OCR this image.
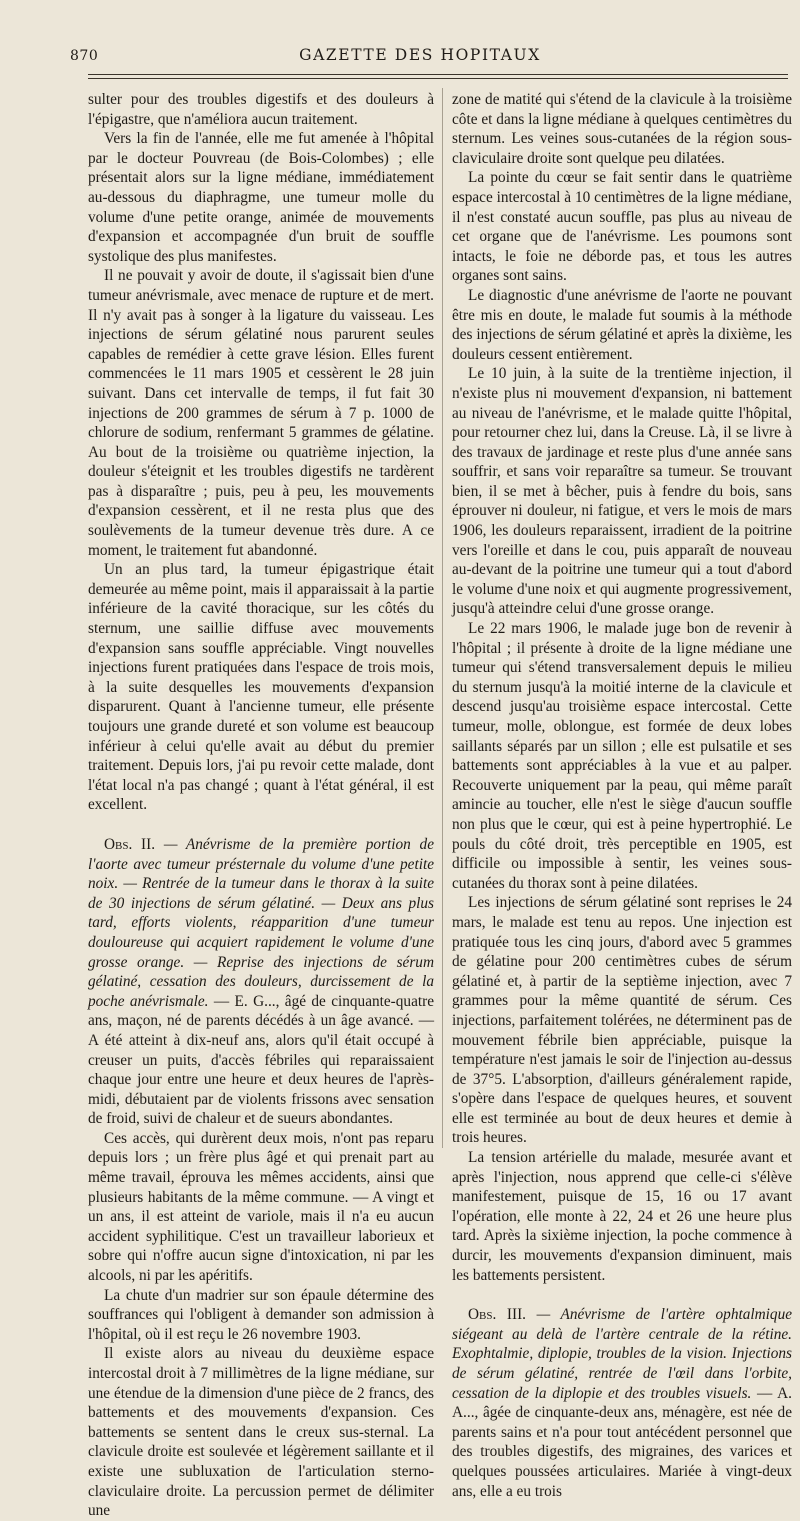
870	GAZETTE DES HOPITAUX

sulter pour des troubles digestifs et des douleurs à l'épigastre, que n'améliora aucun traitement.

Vers la fin de l'année, elle me fut amenée à l'hôpital par le docteur Pouvreau (de Bois-Colombes) ; elle présentait alors sur la ligne médiane, immédiatement au-dessous du diaphragme, une tumeur molle du volume d'une petite orange, animée de mouvements d'expansion et accompagnée d'un bruit de souffle systolique des plus manifestes.

Il ne pouvait y avoir de doute, il s'agissait bien d'une tumeur anévrismale, avec menace de rupture et de mert. Il n'y avait pas à songer à la ligature du vaisseau. Les injections de sérum gélatiné nous parurent seules capables de remédier à cette grave lésion. Elles furent commencées le 11 mars 1905 et cessèrent le 28 juin suivant. Dans cet intervalle de temps, il fut fait 30 injections de 200 grammes de sérum à 7 p. 1000 de chlorure de sodium, renfermant 5 grammes de gélatine. Au bout de la troisième ou quatrième injection, la douleur s'éteignit et les troubles digestifs ne tardèrent pas à disparaître ; puis, peu à peu, les mouvements d'expansion cessèrent, et il ne resta plus que des soulèvements de la tumeur devenue très dure. A ce moment, le traitement fut abandonné.

Un an plus tard, la tumeur épigastrique était demeurée au même point, mais il apparaissait à la partie inférieure de la cavité thoracique, sur les côtés du sternum, une saillie diffuse avec mouvements d'expansion sans souffle appréciable. Vingt nouvelles injections furent pratiquées dans l'espace de trois mois, à la suite desquelles les mouvements d'expansion disparurent. Quant à l'ancienne tumeur, elle présente toujours une grande dureté et son volume est beaucoup inférieur à celui qu'elle avait au début du premier traitement. Depuis lors, j'ai pu revoir cette malade, dont l'état local n'a pas changé ; quant à l'état général, il est excellent.

Obs. II. — Anévrisme de la première portion de l'aorte avec tumeur présternale du volume d'une petite noix. — Rentrée de la tumeur dans le thorax à la suite de 30 injections de sérum gélatiné. — Deux ans plus tard, efforts violents, réapparition d'une tumeur douloureuse qui acquiert rapidement le volume d'une grosse orange. — Reprise des injections de sérum gélatiné, cessation des douleurs, durcissement de la poche anévrismale. — E. G..., âgé de cinquante-quatre ans, maçon, né de parents décédés à un âge avancé. — A été atteint à dix-neuf ans, alors qu'il était occupé à creuser un puits, d'accès fébriles qui reparaissaient chaque jour entre une heure et deux heures de l'après-midi, débutaient par de violents frissons avec sensation de froid, suivi de chaleur et de sueurs abondantes.

Ces accès, qui durèrent deux mois, n'ont pas reparu depuis lors ; un frère plus âgé et qui prenait part au même travail, éprouva les mêmes accidents, ainsi que plusieurs habitants de la même commune. — A vingt et un ans, il est atteint de variole, mais il n'a eu aucun accident syphilitique. C'est un travailleur laborieux et sobre qui n'offre aucun signe d'intoxication, ni par les alcools, ni par les apéritifs.

La chute d'un madrier sur son épaule détermine des souffrances qui l'obligent à demander son admission à l'hôpital, où il est reçu le 26 novembre 1903.

Il existe alors au niveau du deuxième espace intercostal droit à 7 millimètres de la ligne médiane, sur une étendue de la dimension d'une pièce de 2 francs, des battements et des mouvements d'expansion. Ces battements se sentent dans le creux sus-sternal. La clavicule droite est soulevée et légèrement saillante et il existe une subluxation de l'articulation sterno-claviculaire droite. La percussion permet de délimiter une

zone de matité qui s'étend de la clavicule à la troisième côte et dans la ligne médiane à quelques centimètres du sternum. Les veines sous-cutanées de la région sous-claviculaire droite sont quelque peu dilatées.

La pointe du cœur se fait sentir dans le quatrième espace intercostal à 10 centimètres de la ligne médiane, il n'est constaté aucun souffle, pas plus au niveau de cet organe que de l'anévrisme. Les poumons sont intacts, le foie ne déborde pas, et tous les autres organes sont sains.

Le diagnostic d'une anévrisme de l'aorte ne pouvant être mis en doute, le malade fut soumis à la méthode des injections de sérum gélatiné et après la dixième, les douleurs cessent entièrement.

Le 10 juin, à la suite de la trentième injection, il n'existe plus ni mouvement d'expansion, ni battement au niveau de l'anévrisme, et le malade quitte l'hôpital, pour retourner chez lui, dans la Creuse. Là, il se livre à des travaux de jardinage et reste plus d'une année sans souffrir, et sans voir reparaître sa tumeur. Se trouvant bien, il se met à bêcher, puis à fendre du bois, sans éprouver ni douleur, ni fatigue, et vers le mois de mars 1906, les douleurs reparaissent, irradient de la poitrine vers l'oreille et dans le cou, puis apparaît de nouveau au-devant de la poitrine une tumeur qui a tout d'abord le volume d'une noix et qui augmente progressivement, jusqu'à atteindre celui d'une grosse orange.

Le 22 mars 1906, le malade juge bon de revenir à l'hôpital ; il présente à droite de la ligne médiane une tumeur qui s'étend transversalement depuis le milieu du sternum jusqu'à la moitié interne de la clavicule et descend jusqu'au troisième espace intercostal. Cette tumeur, molle, oblongue, est formée de deux lobes saillants séparés par un sillon ; elle est pulsatile et ses battements sont appréciables à la vue et au palper. Recouverte uniquement par la peau, qui même paraît amincie au toucher, elle n'est le siège d'aucun souffle non plus que le cœur, qui est à peine hypertrophié. Le pouls du côté droit, très perceptible en 1905, est difficile ou impossible à sentir, les veines sous-cutanées du thorax sont à peine dilatées.

Les injections de sérum gélatiné sont reprises le 24 mars, le malade est tenu au repos. Une injection est pratiquée tous les cinq jours, d'abord avec 5 grammes de gélatine pour 200 centimètres cubes de sérum gélatiné et, à partir de la septième injection, avec 7 grammes pour la même quantité de sérum. Ces injections, parfaitement tolérées, ne déterminent pas de mouvement fébrile bien appréciable, puisque la température n'est jamais le soir de l'injection au-dessus de 37°5. L'absorption, d'ailleurs généralement rapide, s'opère dans l'espace de quelques heures, et souvent elle est terminée au bout de deux heures et demie à trois heures.

La tension artérielle du malade, mesurée avant et après l'injection, nous apprend que celle-ci s'élève manifestement, puisque de 15, 16 ou 17 avant l'opération, elle monte à 22, 24 et 26 une heure plus tard. Après la sixième injection, la poche commence à durcir, les mouvements d'expansion diminuent, mais les battements persistent.

Obs. III. — Anévrisme de l'artère ophtalmique siégeant au delà de l'artère centrale de la rétine. Exophtalmie, diplopie, troubles de la vision. Injections de sérum gélatiné, rentrée de l'œil dans l'orbite, cessation de la diplopie et des troubles visuels. — A. A..., âgée de cinquante-deux ans, ménagère, est née de parents sains et n'a pour tout antécédent personnel que des troubles digestifs, des migraines, des varices et quelques poussées articulaires. Mariée à vingt-deux ans, elle a eu trois
